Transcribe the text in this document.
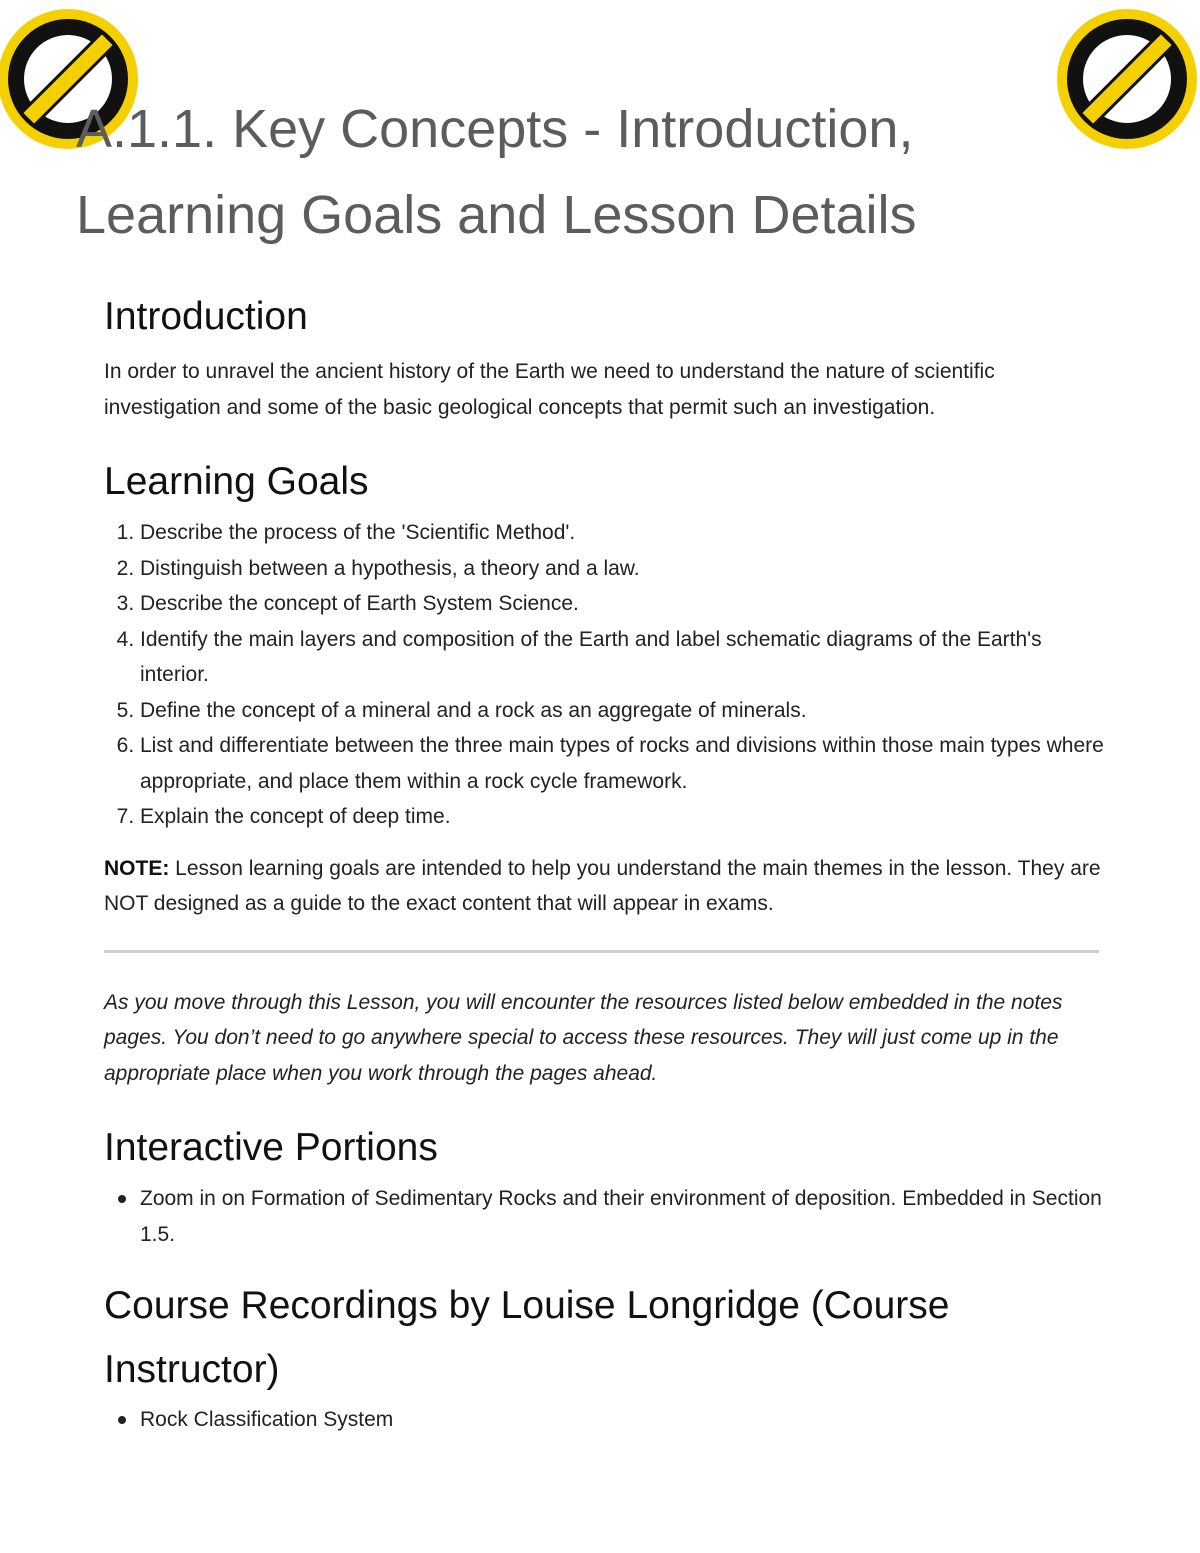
A.1.1. Key Concepts - Introduction, Learning Goals and Lesson Details
Introduction

In order to unravel the ancient history of the Earth we need to understand the nature of scientific investigation and some of the basic geological concepts that permit such an investigation.

Learning Goals
1. Describe the process of the 'Scientific Method'.
2. Distinguish between a hypothesis, a theory and a law.
3. Describe the concept of Earth System Science.
4. Identify the main layers and composition of the Earth and label schematic diagrams of the Earth's interior.
5. Define the concept of a mineral and a rock as an aggregate of minerals.
6. List and differentiate between the three main types of rocks and divisions within those main types where appropriate, and place them within a rock cycle framework.
7. Explain the concept of deep time.

NOTE: Lesson learning goals are intended to help you understand the main themes in the lesson. They are NOT designed as a guide to the exact content that will appear in exams.

As you move through this Lesson, you will encounter the resources listed below embedded in the notes pages. You don’t need to go anywhere special to access these resources. They will just come up in the appropriate place when you work through the pages ahead.

Interactive Portions
Zoom in on Formation of Sedimentary Rocks and their environment of deposition. Embedded in Section 1.5.
Course Recordings by Louise Longridge (Course Instructor)
Rock Classification System
